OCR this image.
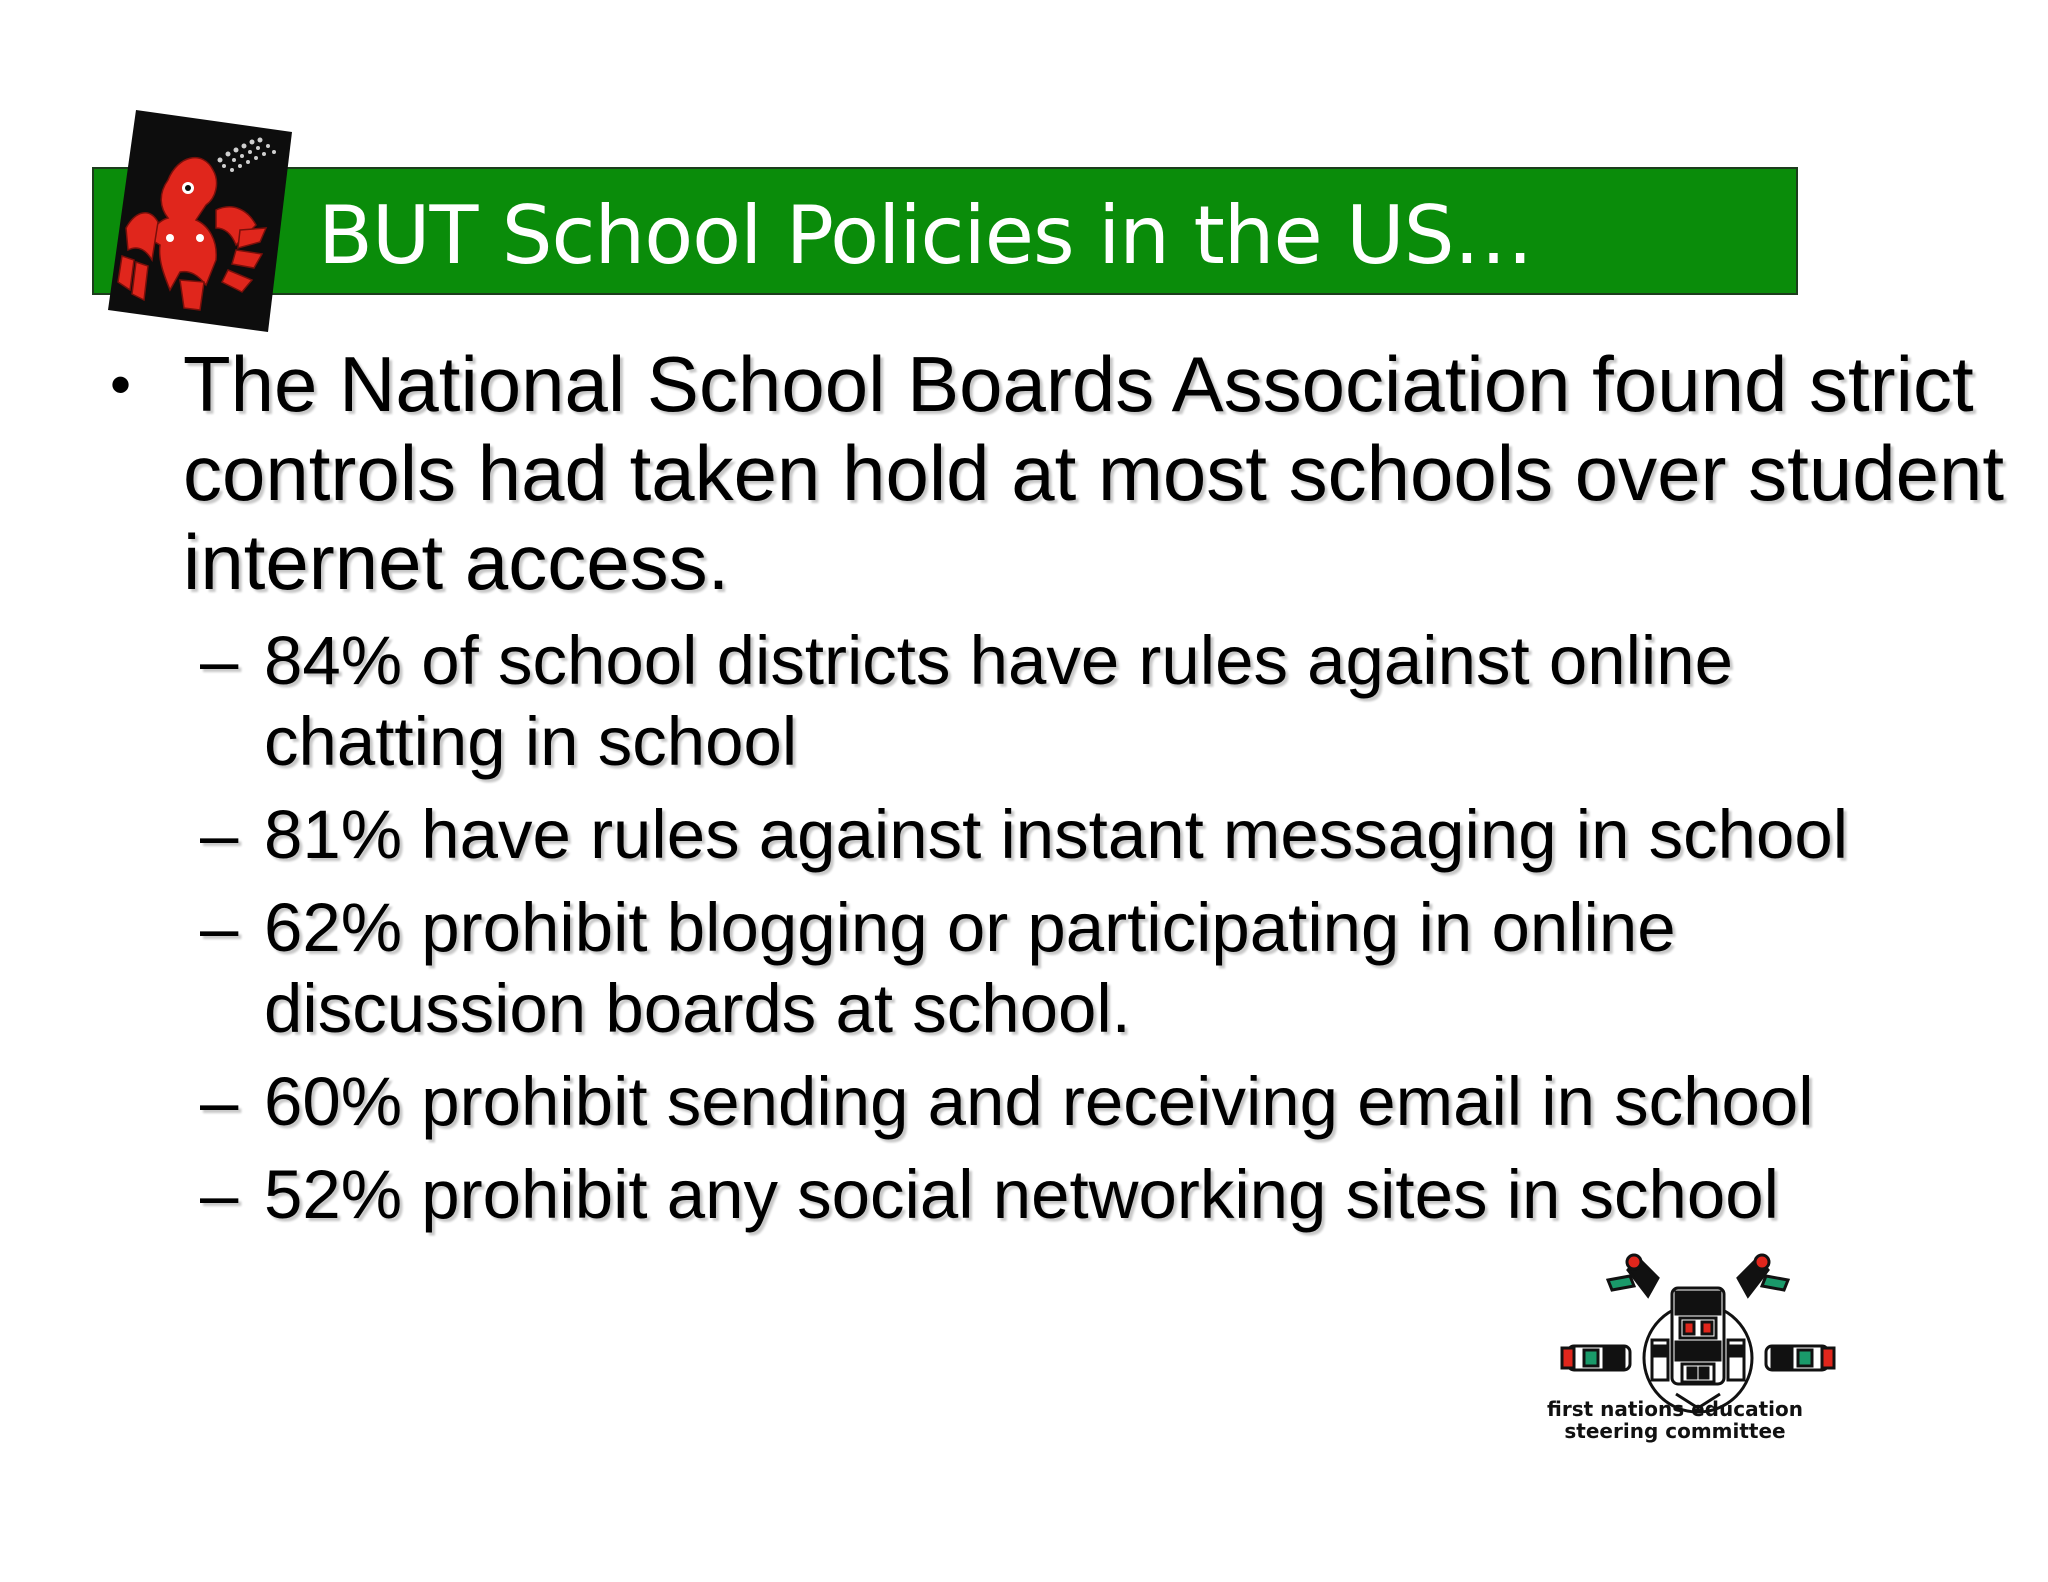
BUT School Policies in the US…
• The National School Boards Association found strict controls had taken hold at most schools over student internet access.

– 84% of school districts have rules against online chatting in school

– 81% have rules against instant messaging in school

– 62% prohibit blogging or participating in online discussion boards at school.

– 60% prohibit sending and receiving email in school

– 52% prohibit any social networking sites in school

first nations education
steering committee
